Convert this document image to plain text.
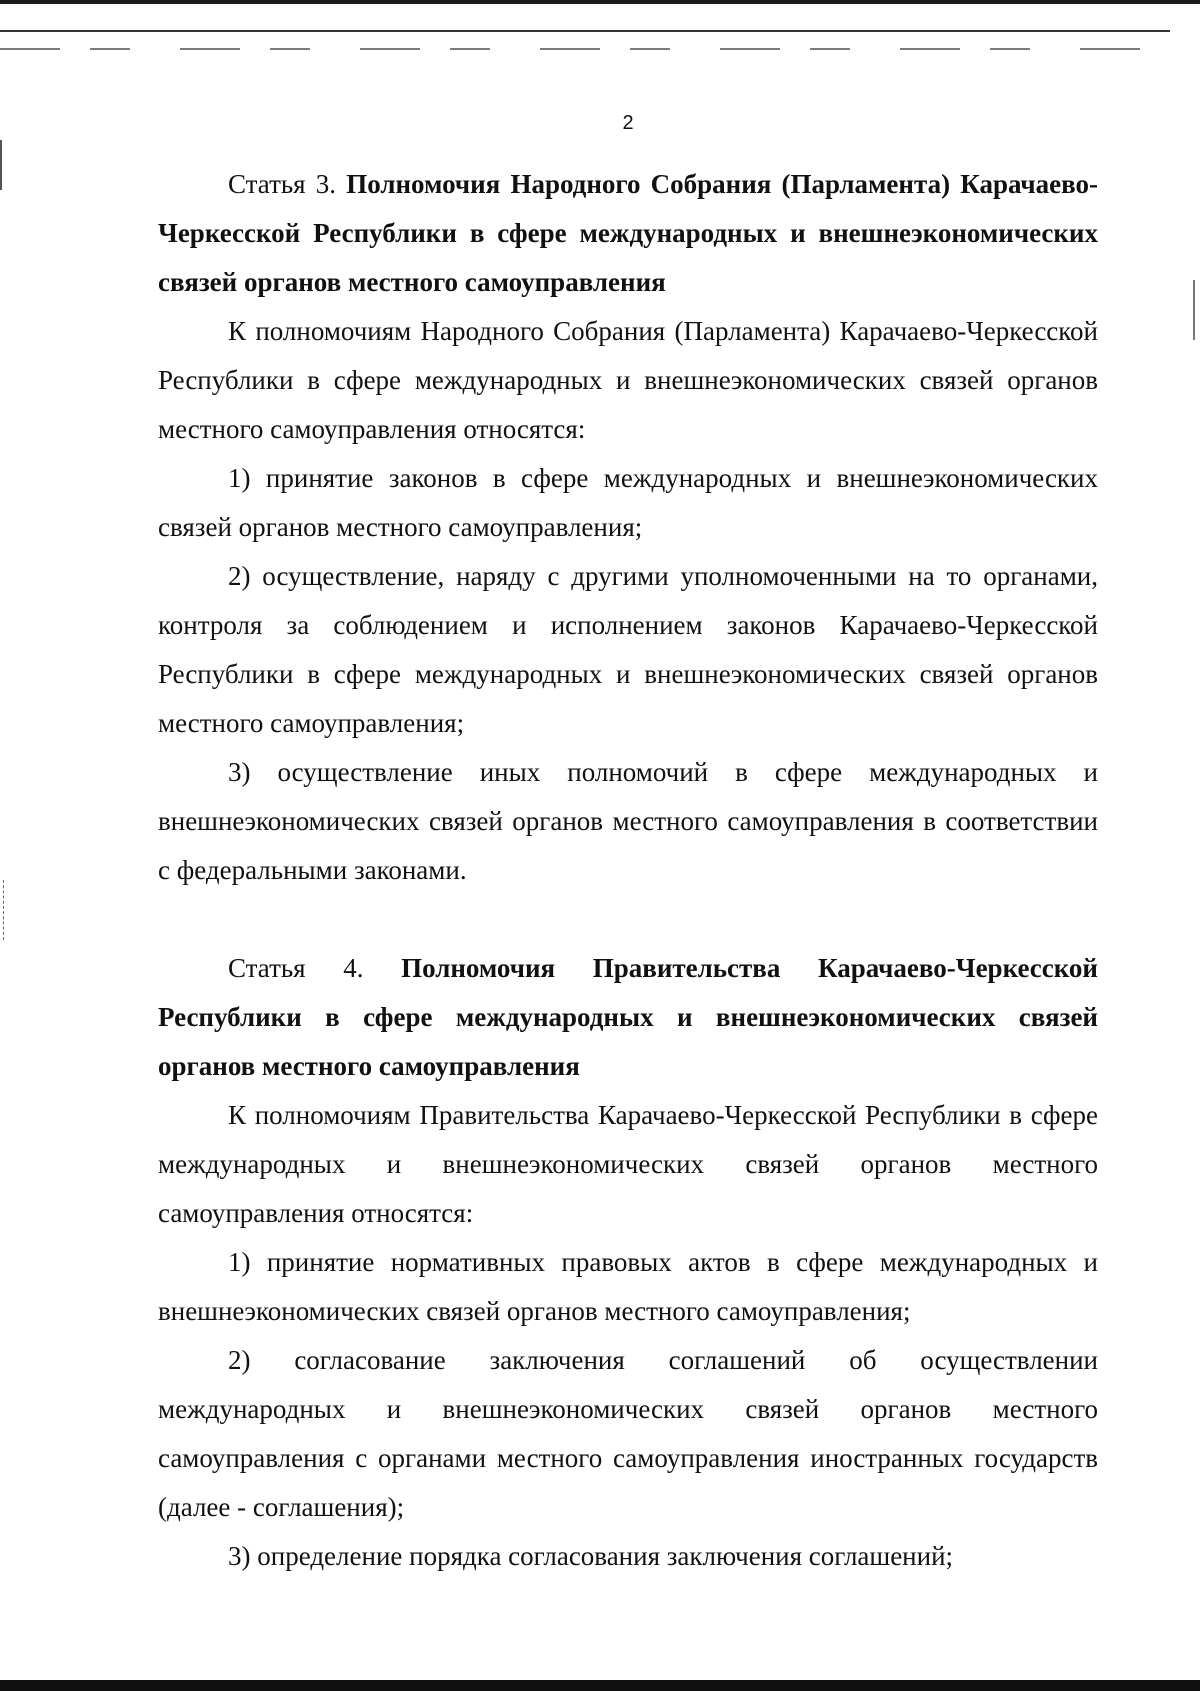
2

Статья 3. Полномочия Народного Собрания (Парламента) Карачаево-Черкесской Республики в сфере международных и внешнеэкономических связей органов местного самоуправления

К полномочиям Народного Собрания (Парламента) Карачаево-Черкесской Республики в сфере международных и внешнеэкономических связей органов местного самоуправления относятся:

1) принятие законов в сфере международных и внешнеэкономических связей органов местного самоуправления;

2) осуществление, наряду с другими уполномоченными на то органами, контроля за соблюдением и исполнением законов Карачаево-Черкесской Республики в сфере международных и внешнеэкономических связей органов местного самоуправления;

3) осуществление иных полномочий в сфере международных и внешнеэкономических связей органов местного самоуправления в соответствии с федеральными законами.

Статья 4. Полномочия Правительства Карачаево-Черкесской Республики в сфере международных и внешнеэкономических связей органов местного самоуправления

К полномочиям Правительства Карачаево-Черкесской Республики в сфере международных и внешнеэкономических связей органов местного самоуправления относятся:

1) принятие нормативных правовых актов в сфере международных и внешнеэкономических связей органов местного самоуправления;

2) согласование заключения соглашений об осуществлении международных и внешнеэкономических связей органов местного самоуправления с органами местного самоуправления иностранных государств (далее - соглашения);

3) определение порядка согласования заключения соглашений;
